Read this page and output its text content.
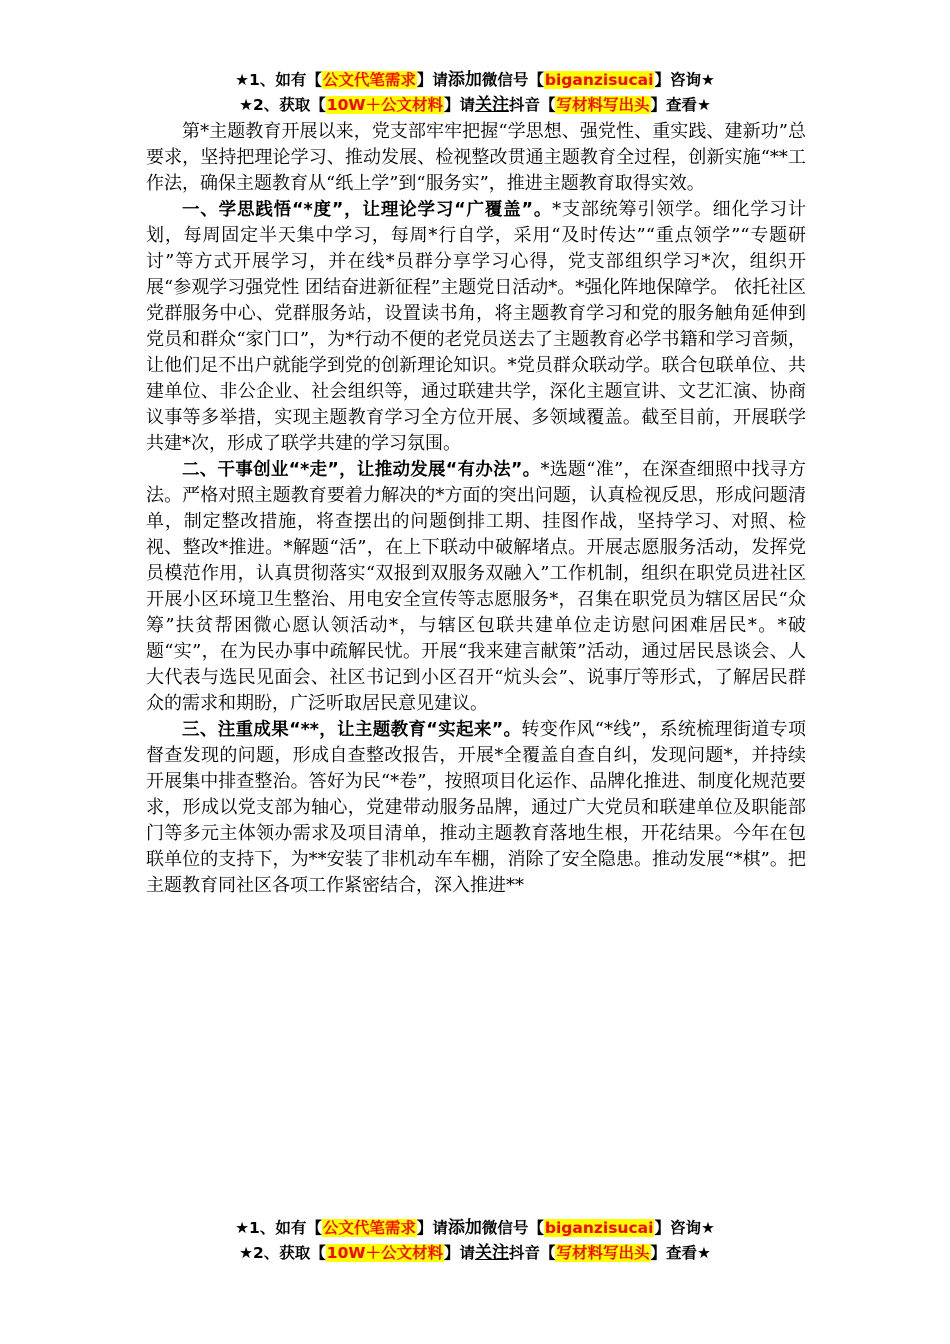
★1、如有【公文代笔需求】请添加微信号【biganzisucai】咨询★
★2、获取【10W＋公文材料】请关注抖音【写材料写出头】查看★

第*主题教育开展以来，党支部牢牢把握“学思想、强党性、重实践、建新功”总要求，坚持把理论学习、推动发展、检视整改贯通主题教育全过程，创新实施“**工作法，确保主题教育从“纸上学”到“服务实”，推进主题教育取得实效。

一、学思践悟“*度”，让理论学习“广覆盖”。*支部统筹引领学。细化学习计划，每周固定半天集中学习，每周*行自学，采用“及时传达”“重点领学”“专题研讨”等方式开展学习，并在线*员群分享学习心得，党支部组织学习*次，组织开展“参观学习强党性 团结奋进新征程”主题党日活动*。*强化阵地保障学。 依托社区党群服务中心、党群服务站，设置读书角，将主题教育学习和党的服务触角延伸到党员和群众“家门口”，为*行动不便的老党员送去了主题教育必学书籍和学习音频，让他们足不出户就能学到党的创新理论知识。*党员群众联动学。联合包联单位、共建单位、非公企业、社会组织等，通过联建共学，深化主题宣讲、文艺汇演、协商议事等多举措，实现主题教育学习全方位开展、多领域覆盖。截至目前，开展联学共建*次，形成了联学共建的学习氛围。

二、干事创业“*走”，让推动发展“有办法”。*选题“准”，在深查细照中找寻方法。严格对照主题教育要着力解决的*方面的突出问题，认真检视反思，形成问题清单，制定整改措施，将查摆出的问题倒排工期、挂图作战，坚持学习、对照、检视、整改*推进。*解题“活”，在上下联动中破解堵点。开展志愿服务活动，发挥党员模范作用，认真贯彻落实“双报到双服务双融入”工作机制，组织在职党员进社区开展小区环境卫生整治、用电安全宣传等志愿服务*，召集在职党员为辖区居民“众筹”扶贫帮困微心愿认领活动*，与辖区包联共建单位走访慰问困难居民*。*破题“实”，在为民办事中疏解民忧。开展“我来建言献策”活动，通过居民恳谈会、人大代表与选民见面会、社区书记到小区召开“炕头会”、说事厅等形式，了解居民群众的需求和期盼，广泛听取居民意见建议。

三、注重成果“**，让主题教育“实起来”。转变作风“*线”，系统梳理街道专项督查发现的问题，形成自查整改报告，开展*全覆盖自查自纠，发现问题*，并持续开展集中排查整治。答好为民“*卷”，按照项目化运作、品牌化推进、制度化规范要求，形成以党支部为轴心，党建带动服务品牌，通过广大党员和联建单位及职能部门等多元主体领办需求及项目清单，推动主题教育落地生根，开花结果。今年在包联单位的支持下，为**安装了非机动车车棚，消除了安全隐患。推动发展“*棋”。把主题教育同社区各项工作紧密结合，深入推进**

★1、如有【公文代笔需求】请添加微信号【biganzisucai】咨询★
★2、获取【10W＋公文材料】请关注抖音【写材料写出头】查看★
